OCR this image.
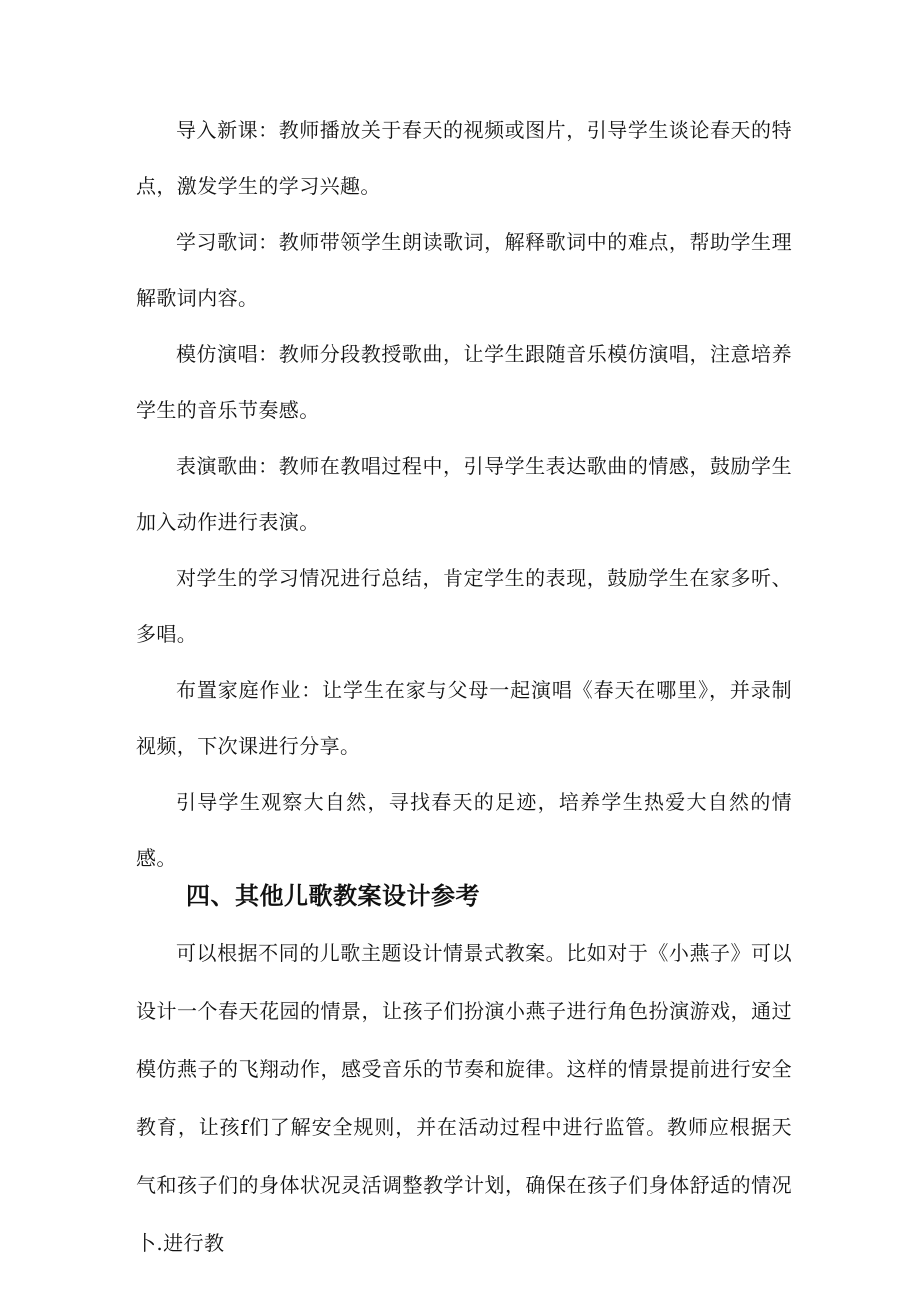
导入新课：教师播放关于春天的视频或图片，引导学生谈论春天的特点，激发学生的学习兴趣。

学习歌词：教师带领学生朗读歌词，解释歌词中的难点，帮助学生理解歌词内容。

模仿演唱：教师分段教授歌曲，让学生跟随音乐模仿演唱，注意培养学生的音乐节奏感。

表演歌曲：教师在教唱过程中，引导学生表达歌曲的情感，鼓励学生加入动作进行表演。

对学生的学习情况进行总结，肯定学生的表现，鼓励学生在家多听、多唱。

布置家庭作业：让学生在家与父母一起演唱《春天在哪里》，并录制视频，下次课进行分享。

引导学生观察大自然，寻找春天的足迹，培养学生热爱大自然的情感。

四、其他儿歌教案设计参考

可以根据不同的儿歌主题设计情景式教案。比如对于《小燕子》可以设计一个春天花园的情景，让孩子们扮演小燕子进行角色扮演游戏，通过模仿燕子的飞翔动作，感受音乐的节奏和旋律。这样的情景提前进行安全教育，让孩f们了解安全规则，并在活动过程中进行监管。教师应根据天气和孩子们的身体状况灵活调整教学计划，确保在孩子们身体舒适的情况卜.进行教
